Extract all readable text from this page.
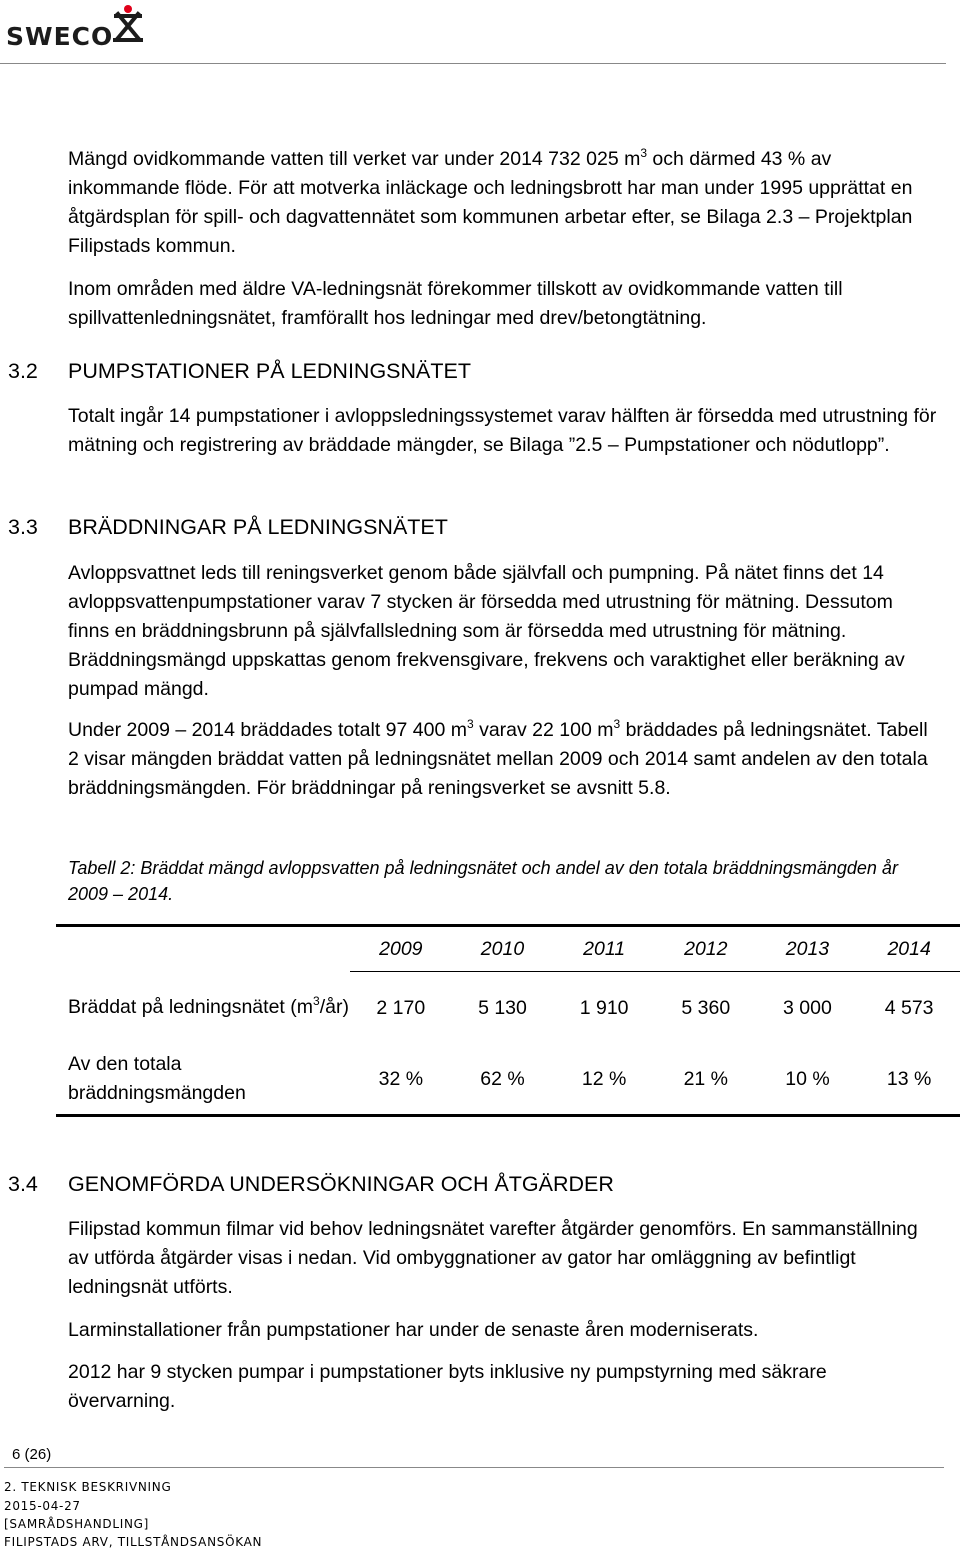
SWECO

Mängd ovidkommande vatten till verket var under 2014 732 025 $m^3$ och därmed 43 % av inkommande flöde. För att motverka inläckage och ledningsbrott har man under 1995 upprättat en åtgärdsplan för spill- och dagvattennätet som kommunen arbetar efter, se Bilaga 2.3 – Projektplan Filipstads kommun.

Inom områden med äldre VA-ledningsnät förekommer tillskott av ovidkommande vatten till spillvattenledningsnätet, framförallt hos ledningar med drev/betongtätning.

3.2 PUMPSTATIONER PÅ LEDNINGSNÄTET

Totalt ingår 14 pumpstationer i avloppsledningssystemet varav hälften är försedda med utrustning för mätning och registrering av bräddade mängder, se Bilaga ”2.5 – Pumpstationer och nödutlopp”.

3.3 BRÄDDNINGAR PÅ LEDNINGSNÄTET

Avloppsvattnet leds till reningsverket genom både självfall och pumpning. På nätet finns det 14 avloppsvattenpumpstationer varav 7 stycken är försedda med utrustning för mätning. Dessutom finns en bräddningsbrunn på självfallsledning som är försedda med utrustning för mätning. Bräddningsmängd uppskattas genom frekvensgivare, frekvens och varaktighet eller beräkning av pumpad mängd.

Under 2009 – 2014 bräddades totalt 97 400 $m^3$ varav 22 100 $m^3$ bräddades på ledningsnätet. Tabell 2 visar mängden bräddat vatten på ledningsnätet mellan 2009 och 2014 samt andelen av den totala bräddningsmängden. För bräddningar på reningsverket se avsnitt 5.8.

Tabell 2: Bräddat mängd avloppsvatten på ledningsnätet och andel av den totala bräddningsmängden år 2009 – 2014.

	2009	2010	2011	2012	2013	2014
Bräddat på ledningsnätet $(m^3/år)$	2 170	5 130	1 910	5 360	3 000	4 573
Av den totala bräddningsmängden	32 %	62 %	12 %	21 %	10 %	13 %
3.4 GENOMFÖRDA UNDERSÖKNINGAR OCH ÅTGÄRDER

Filipstad kommun filmar vid behov ledningsnätet varefter åtgärder genomförs. En sammanställning av utförda åtgärder visas i nedan. Vid ombyggnationer av gator har omläggning av befintligt ledningsnät utförts.

Larminstallationer från pumpstationer har under de senaste åren moderniserats.

2012 har 9 stycken pumpar i pumpstationer byts inklusive ny pumpstyrning med säkrare övervarning.

6 (26)
2. TEKNISK BESKRIVNING
2015-04-27
[SAMRÅDSHANDLING]
FILIPSTADS ARV, TILLSTÅNDSANSÖKAN
